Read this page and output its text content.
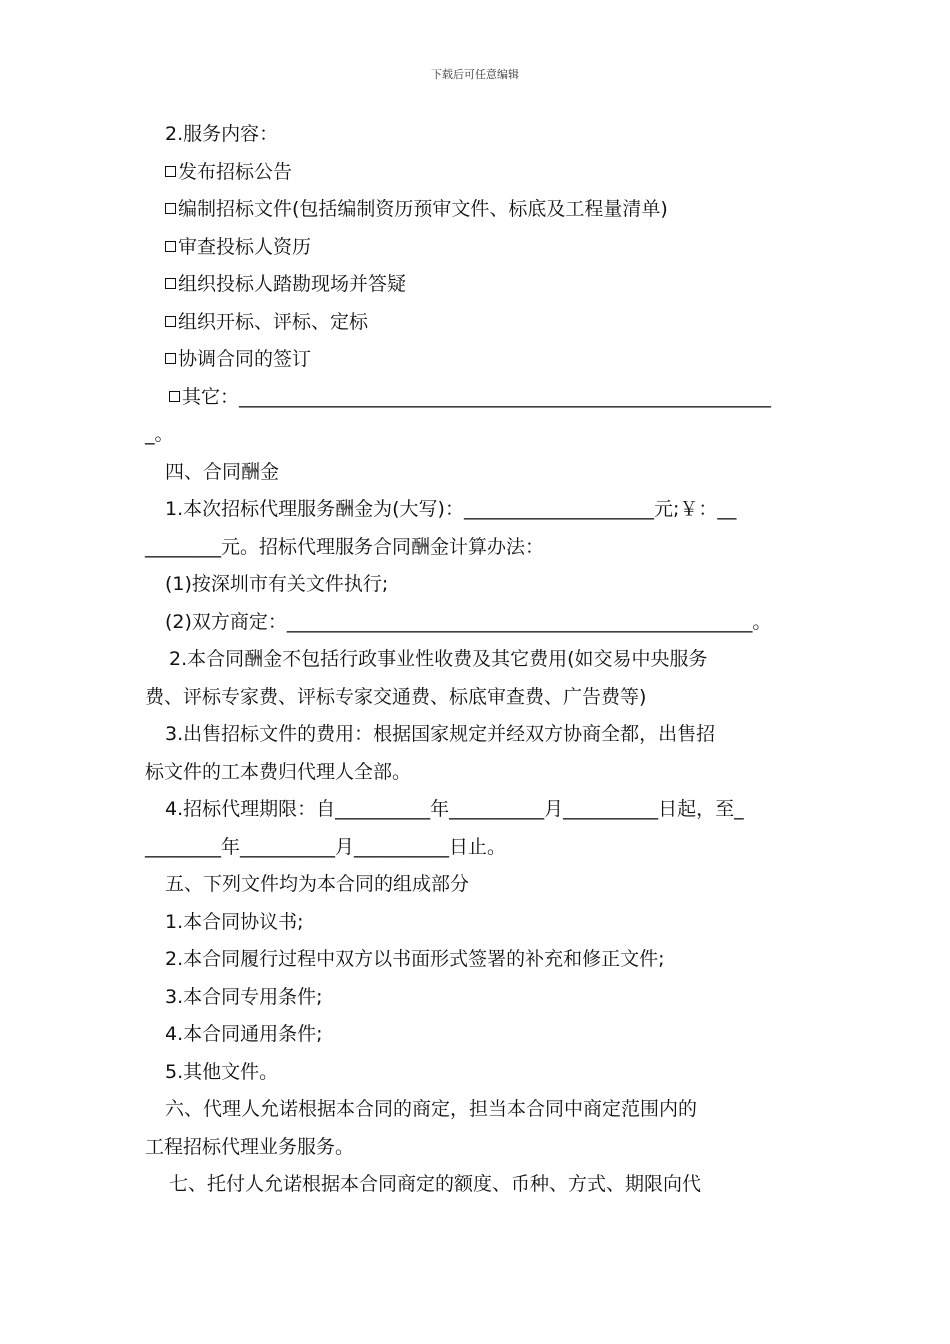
下载后可任意编辑
2.服务内容：
发布招标公告
编制招标文件(包括编制资历预审文件、标底及工程量清单)
审查投标人资历
组织投标人踏勘现场并答疑
组织开标、评标、定标
协调合同的签订
其它：________________________________________________________
_。
四、合同酬金
1.本次招标代理服务酬金为(大写)：____________________元;￥：__
________元。招标代理服务合同酬金计算办法：
(1)按深圳市有关文件执行;
(2)双方商定：_________________________________________________。
2.本合同酬金不包括行政事业性收费及其它费用(如交易中央服务
费、评标专家费、评标专家交通费、标底审查费、广告费等)
3.出售招标文件的费用：根据国家规定并经双方协商全都，出售招
标文件的工本费归代理人全部。
4.招标代理期限：自__________年__________月__________日起，至_
________年__________月__________日止。
五、下列文件均为本合同的组成部分
1.本合同协议书;
2.本合同履行过程中双方以书面形式签署的补充和修正文件;
3.本合同专用条件;
4.本合同通用条件;
5.其他文件。
六、代理人允诺根据本合同的商定，担当本合同中商定范围内的
工程招标代理业务服务。
七、托付人允诺根据本合同商定的额度、币种、方式、期限向代
